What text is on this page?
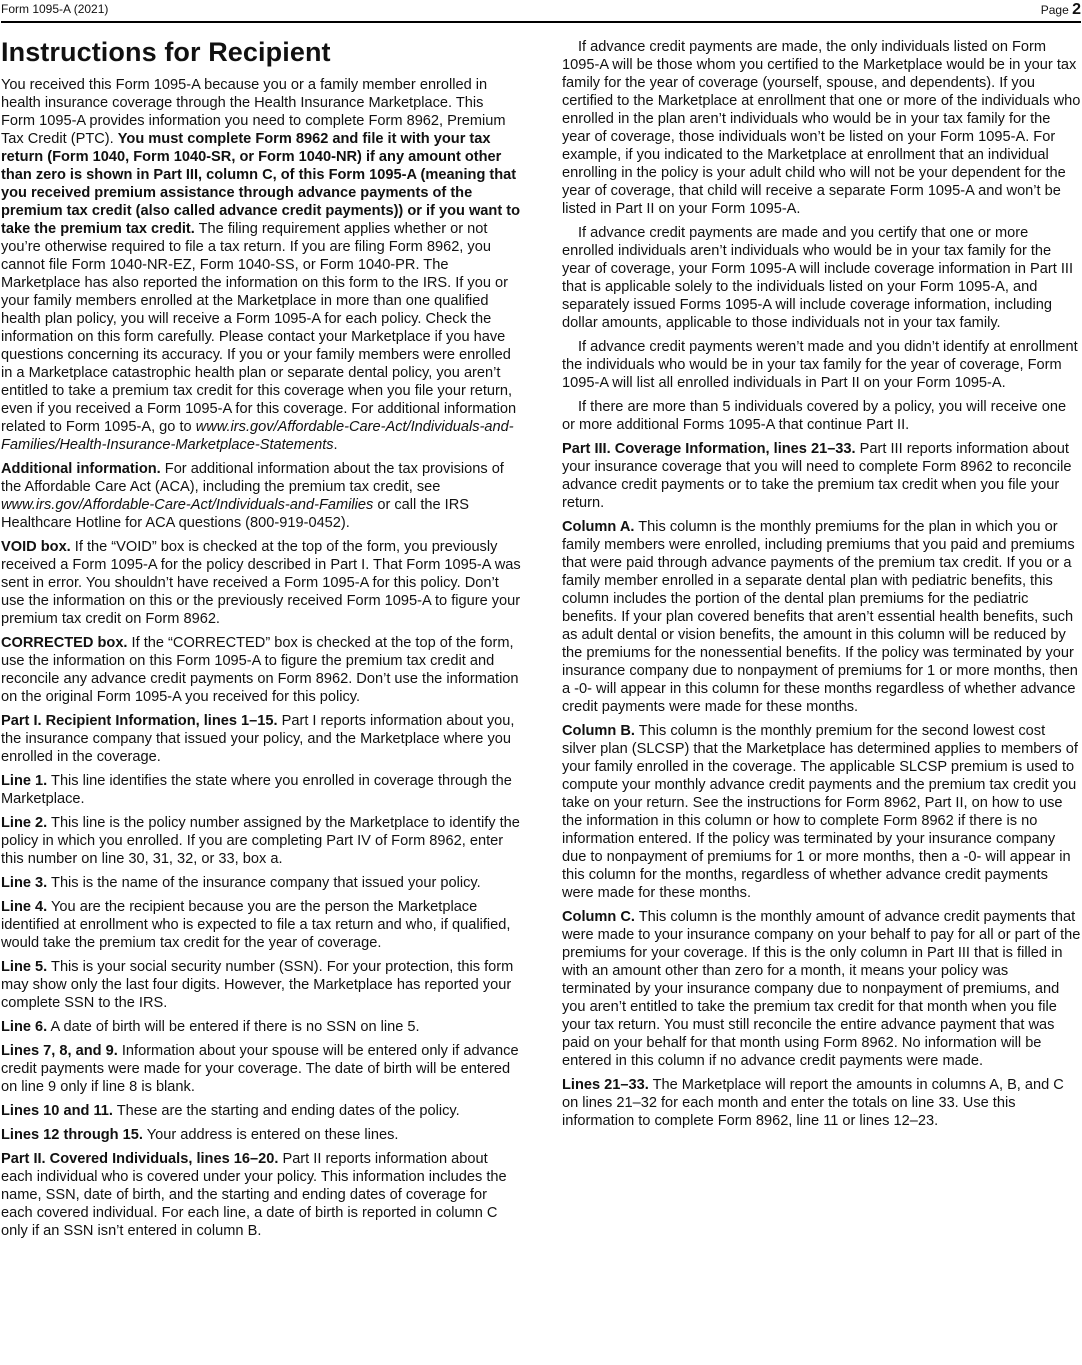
Form 1095-A (2021)	Page 2
Instructions for Recipient

You received this Form 1095-A because you or a family member enrolled in health insurance coverage through the Health Insurance Marketplace. This Form 1095-A provides information you need to complete Form 8962, Premium Tax Credit (PTC). You must complete Form 8962 and file it with your tax return (Form 1040, Form 1040-SR, or Form 1040-NR) if any amount other than zero is shown in Part III, column C, of this Form 1095-A (meaning that you received premium assistance through advance payments of the premium tax credit (also called advance credit payments)) or if you want to take the premium tax credit. The filing requirement applies whether or not you’re otherwise required to file a tax return. If you are filing Form 8962, you cannot file Form 1040-NR-EZ, Form 1040-SS, or Form 1040-PR. The Marketplace has also reported the information on this form to the IRS. If you or your family members enrolled at the Marketplace in more than one qualified health plan policy, you will receive a Form 1095-A for each policy. Check the information on this form carefully. Please contact your Marketplace if you have questions concerning its accuracy. If you or your family members were enrolled in a Marketplace catastrophic health plan or separate dental policy, you aren’t entitled to take a premium tax credit for this coverage when you file your return, even if you received a Form 1095-A for this coverage. For additional information related to Form 1095-A, go to www.irs.gov/Affordable-Care-Act/Individuals-and-Families/Health-Insurance-Marketplace-Statements.

Additional information. For additional information about the tax provisions of the Affordable Care Act (ACA), including the premium tax credit, see www.irs.gov/Affordable-Care-Act/Individuals-and-Families or call the IRS Healthcare Hotline for ACA questions (800-919-0452).

VOID box. If the “VOID” box is checked at the top of the form, you previously received a Form 1095-A for the policy described in Part I. That Form 1095-A was sent in error. You shouldn’t have received a Form 1095-A for this policy. Don’t use the information on this or the previously received Form 1095-A to figure your premium tax credit on Form 8962.

CORRECTED box. If the “CORRECTED” box is checked at the top of the form, use the information on this Form 1095-A to figure the premium tax credit and reconcile any advance credit payments on Form 8962. Don’t use the information on the original Form 1095-A you received for this policy.

Part I. Recipient Information, lines 1–15. Part I reports information about you, the insurance company that issued your policy, and the Marketplace where you enrolled in the coverage.

Line 1. This line identifies the state where you enrolled in coverage through the Marketplace.

Line 2. This line is the policy number assigned by the Marketplace to identify the policy in which you enrolled. If you are completing Part IV of Form 8962, enter this number on line 30, 31, 32, or 33, box a.

Line 3. This is the name of the insurance company that issued your policy.

Line 4. You are the recipient because you are the person the Marketplace identified at enrollment who is expected to file a tax return and who, if qualified, would take the premium tax credit for the year of coverage.

Line 5. This is your social security number (SSN). For your protection, this form may show only the last four digits. However, the Marketplace has reported your complete SSN to the IRS.

Line 6. A date of birth will be entered if there is no SSN on line 5.

Lines 7, 8, and 9. Information about your spouse will be entered only if advance credit payments were made for your coverage. The date of birth will be entered on line 9 only if line 8 is blank.

Lines 10 and 11. These are the starting and ending dates of the policy.

Lines 12 through 15. Your address is entered on these lines.

Part II. Covered Individuals, lines 16–20. Part II reports information about each individual who is covered under your policy. This information includes the name, SSN, date of birth, and the starting and ending dates of coverage for each covered individual. For each line, a date of birth is reported in column C only if an SSN isn’t entered in column B.

If advance credit payments are made, the only individuals listed on Form 1095-A will be those whom you certified to the Marketplace would be in your tax family for the year of coverage (yourself, spouse, and dependents). If you certified to the Marketplace at enrollment that one or more of the individuals who enrolled in the plan aren’t individuals who would be in your tax family for the year of coverage, those individuals won’t be listed on your Form 1095-A. For example, if you indicated to the Marketplace at enrollment that an individual enrolling in the policy is your adult child who will not be your dependent for the year of coverage, that child will receive a separate Form 1095-A and won’t be listed in Part II on your Form 1095-A.

If advance credit payments are made and you certify that one or more enrolled individuals aren’t individuals who would be in your tax family for the year of coverage, your Form 1095-A will include coverage information in Part III that is applicable solely to the individuals listed on your Form 1095-A, and separately issued Forms 1095-A will include coverage information, including dollar amounts, applicable to those individuals not in your tax family.

If advance credit payments weren’t made and you didn’t identify at enrollment the individuals who would be in your tax family for the year of coverage, Form 1095-A will list all enrolled individuals in Part II on your Form 1095-A.

If there are more than 5 individuals covered by a policy, you will receive one or more additional Forms 1095-A that continue Part II.

Part III. Coverage Information, lines 21–33. Part III reports information about your insurance coverage that you will need to complete Form 8962 to reconcile advance credit payments or to take the premium tax credit when you file your return.

Column A. This column is the monthly premiums for the plan in which you or family members were enrolled, including premiums that you paid and premiums that were paid through advance payments of the premium tax credit. If you or a family member enrolled in a separate dental plan with pediatric benefits, this column includes the portion of the dental plan premiums for the pediatric benefits. If your plan covered benefits that aren’t essential health benefits, such as adult dental or vision benefits, the amount in this column will be reduced by the premiums for the nonessential benefits. If the policy was terminated by your insurance company due to nonpayment of premiums for 1 or more months, then a -0- will appear in this column for these months regardless of whether advance credit payments were made for these months.

Column B. This column is the monthly premium for the second lowest cost silver plan (SLCSP) that the Marketplace has determined applies to members of your family enrolled in the coverage. The applicable SLCSP premium is used to compute your monthly advance credit payments and the premium tax credit you take on your return. See the instructions for Form 8962, Part II, on how to use the information in this column or how to complete Form 8962 if there is no information entered. If the policy was terminated by your insurance company due to nonpayment of premiums for 1 or more months, then a -0- will appear in this column for the months, regardless of whether advance credit payments were made for these months.

Column C. This column is the monthly amount of advance credit payments that were made to your insurance company on your behalf to pay for all or part of the premiums for your coverage. If this is the only column in Part III that is filled in with an amount other than zero for a month, it means your policy was terminated by your insurance company due to nonpayment of premiums, and you aren’t entitled to take the premium tax credit for that month when you file your tax return. You must still reconcile the entire advance payment that was paid on your behalf for that month using Form 8962. No information will be entered in this column if no advance credit payments were made.

Lines 21–33. The Marketplace will report the amounts in columns A, B, and C on lines 21–32 for each month and enter the totals on line 33. Use this information to complete Form 8962, line 11 or lines 12–23.
